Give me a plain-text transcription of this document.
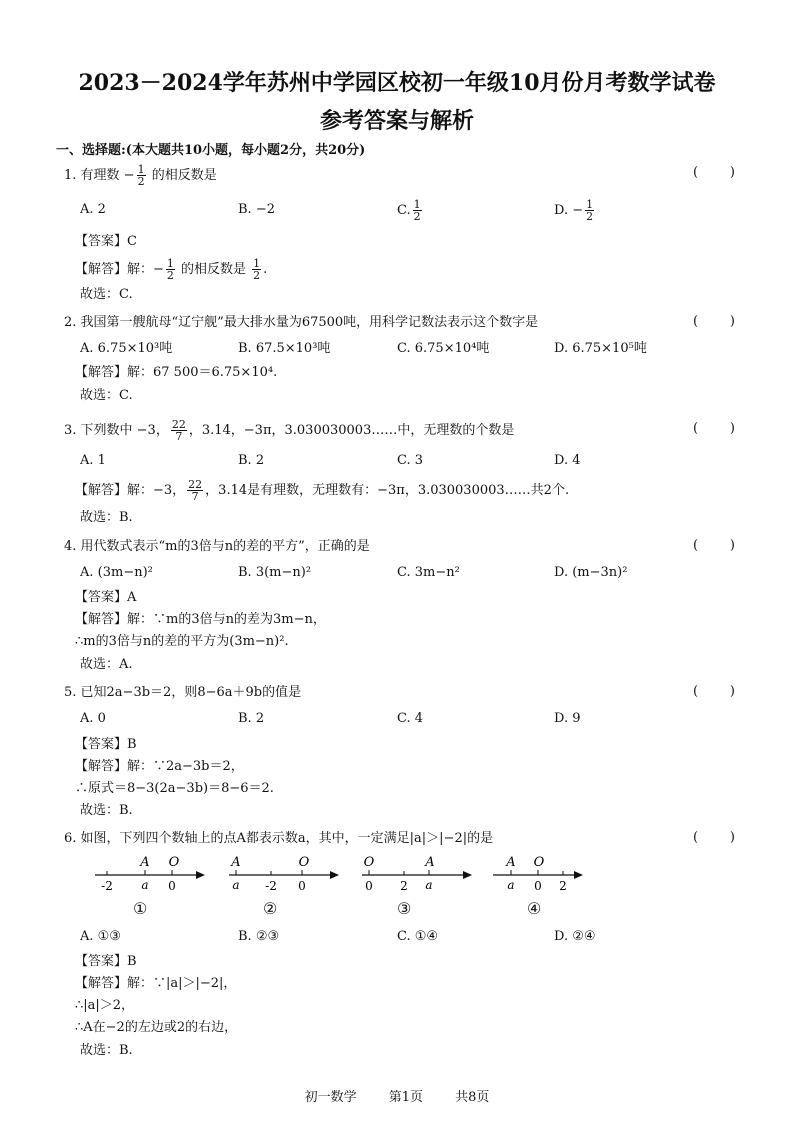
2023－2024学年苏州中学园区校初一年级10月份月考数学试卷
参考答案与解析
一、选择题:(本大题共10小题，每小题2分，共20分)
1. 有理数 − $\frac{1}{2}$ 的相反数是	( )
A. 2	B. −2	C. $\frac{1}{2}$	D. − $\frac{1}{2}$
【答案】C
【解答】解：− $\frac{1}{2}$ 的相反数是 $\frac{1}{2}$ .
故选：C.
2. 我国第一艘航母“辽宁舰”最大排水量为67500吨，用科学记数法表示这个数字是	( )
A. 6.75×10³吨	B. 67.5×10³吨	C. 6.75×10⁴吨	D. 6.75×10⁵吨
【解答】解：67 500＝6.75×10⁴.
故选：C.
3. 下列数中 −3， $\frac{22}{7}$ ，3.14，−3π，3.030030003……中，无理数的个数是	( )
A. 1	B. 2	C. 3	D. 4
【解答】解：−3， $\frac{22}{7}$ ，3.14是有理数，无理数有：−3π，3.030030003……共2个.
故选：B.
4. 用代数式表示“m的3倍与n的差的平方”，正确的是	( )
A. (3m−n)²	B. 3(m−n)²	C. 3m−n²	D. (m−3n)²
【答案】A
【解答】解：∵m的3倍与n的差为3m−n，
∴m的3倍与n的差的平方为(3m−n)².
故选：A.
5. 已知2a−3b＝2，则8−6a＋9b的值是	( )
A. 0	B. 2	C. 4	D. 9
【答案】B
【解答】解：∵2a−3b＝2，
∴原式＝8−3(2a−3b)＝8−6＝2.
故选：B.
6. 如图，下列四个数轴上的点A都表示数a，其中，一定满足|a|＞|−2|的是	( )
A O
-2 a 0
①
A	O
a -2 0
②
O	A
0 2 a
③
A O
a 0 2
④
A. ①③	B. ②③	C. ①④	D. ②④
【答案】B
【解答】解：∵|a|＞|−2|，
∴|a|＞2，
∴A在−2的左边或2的右边，
故选：B.
初一数学 第1页 共8页
